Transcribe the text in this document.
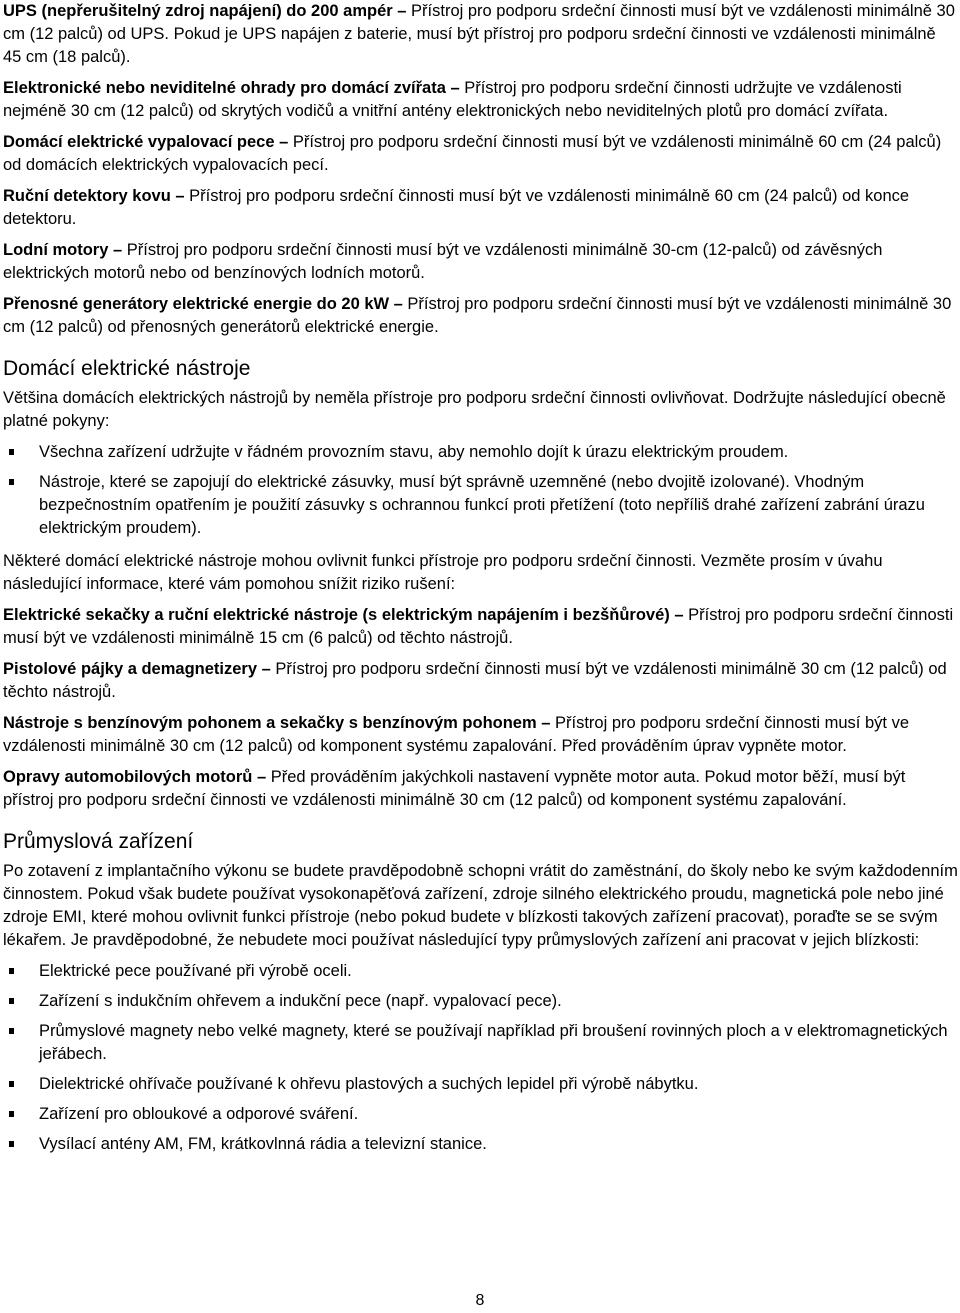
UPS (nepřerušitelný zdroj napájení) do 200 ampér – Přístroj pro podporu srdeční činnosti musí být ve vzdálenosti minimálně 30 cm (12 palců) od UPS. Pokud je UPS napájen z baterie, musí být přístroj pro podporu srdeční činnosti ve vzdálenosti minimálně 45 cm (18 palců).

Elektronické nebo neviditelné ohrady pro domácí zvířata – Přístroj pro podporu srdeční činnosti udržujte ve vzdálenosti nejméně 30 cm (12 palců) od skrytých vodičů a vnitřní antény elektronických nebo neviditelných plotů pro domácí zvířata.

Domácí elektrické vypalovací pece – Přístroj pro podporu srdeční činnosti musí být ve vzdálenosti minimálně 60 cm (24 palců) od domácích elektrických vypalovacích pecí.

Ruční detektory kovu – Přístroj pro podporu srdeční činnosti musí být ve vzdálenosti minimálně 60 cm (24 palců) od konce detektoru.

Lodní motory – Přístroj pro podporu srdeční činnosti musí být ve vzdálenosti minimálně 30-cm (12-palců) od závěsných elektrických motorů nebo od benzínových lodních motorů.

Přenosné generátory elektrické energie do 20 kW – Přístroj pro podporu srdeční činnosti musí být ve vzdálenosti minimálně 30 cm (12 palců) od přenosných generátorů elektrické energie.

Domácí elektrické nástroje

Většina domácích elektrických nástrojů by neměla přístroje pro podporu srdeční činnosti ovlivňovat. Dodržujte následující obecně platné pokyny:

Všechna zařízení udržujte v řádném provozním stavu, aby nemohlo dojít k úrazu elektrickým proudem.
Nástroje, které se zapojují do elektrické zásuvky, musí být správně uzemněné (nebo dvojitě izolované). Vhodným bezpečnostním opatřením je použití zásuvky s ochrannou funkcí proti přetížení (toto nepříliš drahé zařízení zabrání úrazu elektrickým proudem).

Některé domácí elektrické nástroje mohou ovlivnit funkci přístroje pro podporu srdeční činnosti. Vezměte prosím v úvahu následující informace, které vám pomohou snížit riziko rušení:

Elektrické sekačky a ruční elektrické nástroje (s elektrickým napájením i bezšňůrové) – Přístroj pro podporu srdeční činnosti musí být ve vzdálenosti minimálně 15 cm (6 palců) od těchto nástrojů.

Pistolové pájky a demagnetizery – Přístroj pro podporu srdeční činnosti musí být ve vzdálenosti minimálně 30 cm (12 palců) od těchto nástrojů.

Nástroje s benzínovým pohonem a sekačky s benzínovým pohonem – Přístroj pro podporu srdeční činnosti musí být ve vzdálenosti minimálně 30 cm (12 palců) od komponent systému zapalování. Před prováděním úprav vypněte motor.

Opravy automobilových motorů – Před prováděním jakýchkoli nastavení vypněte motor auta. Pokud motor běží, musí být přístroj pro podporu srdeční činnosti ve vzdálenosti minimálně 30 cm (12 palců) od komponent systému zapalování.

Průmyslová zařízení

Po zotavení z implantačního výkonu se budete pravděpodobně schopni vrátit do zaměstnání, do školy nebo ke svým každodenním činnostem. Pokud však budete používat vysokonapěťová zařízení, zdroje silného elektrického proudu, magnetická pole nebo jiné zdroje EMI, které mohou ovlivnit funkci přístroje (nebo pokud budete v blízkosti takových zařízení pracovat), poraďte se se svým lékařem. Je pravděpodobné, že nebudete moci používat následující typy průmyslových zařízení ani pracovat v jejich blízkosti:

Elektrické pece používané při výrobě oceli.
Zařízení s indukčním ohřevem a indukční pece (např. vypalovací pece).
Průmyslové magnety nebo velké magnety, které se používají například při broušení rovinných ploch a v elektromagnetických jeřábech.
Dielektrické ohřívače používané k ohřevu plastových a suchých lepidel při výrobě nábytku.
Zařízení pro obloukové a odporové sváření.
Vysílací antény AM, FM, krátkovlnná rádia a televizní stanice.
8
